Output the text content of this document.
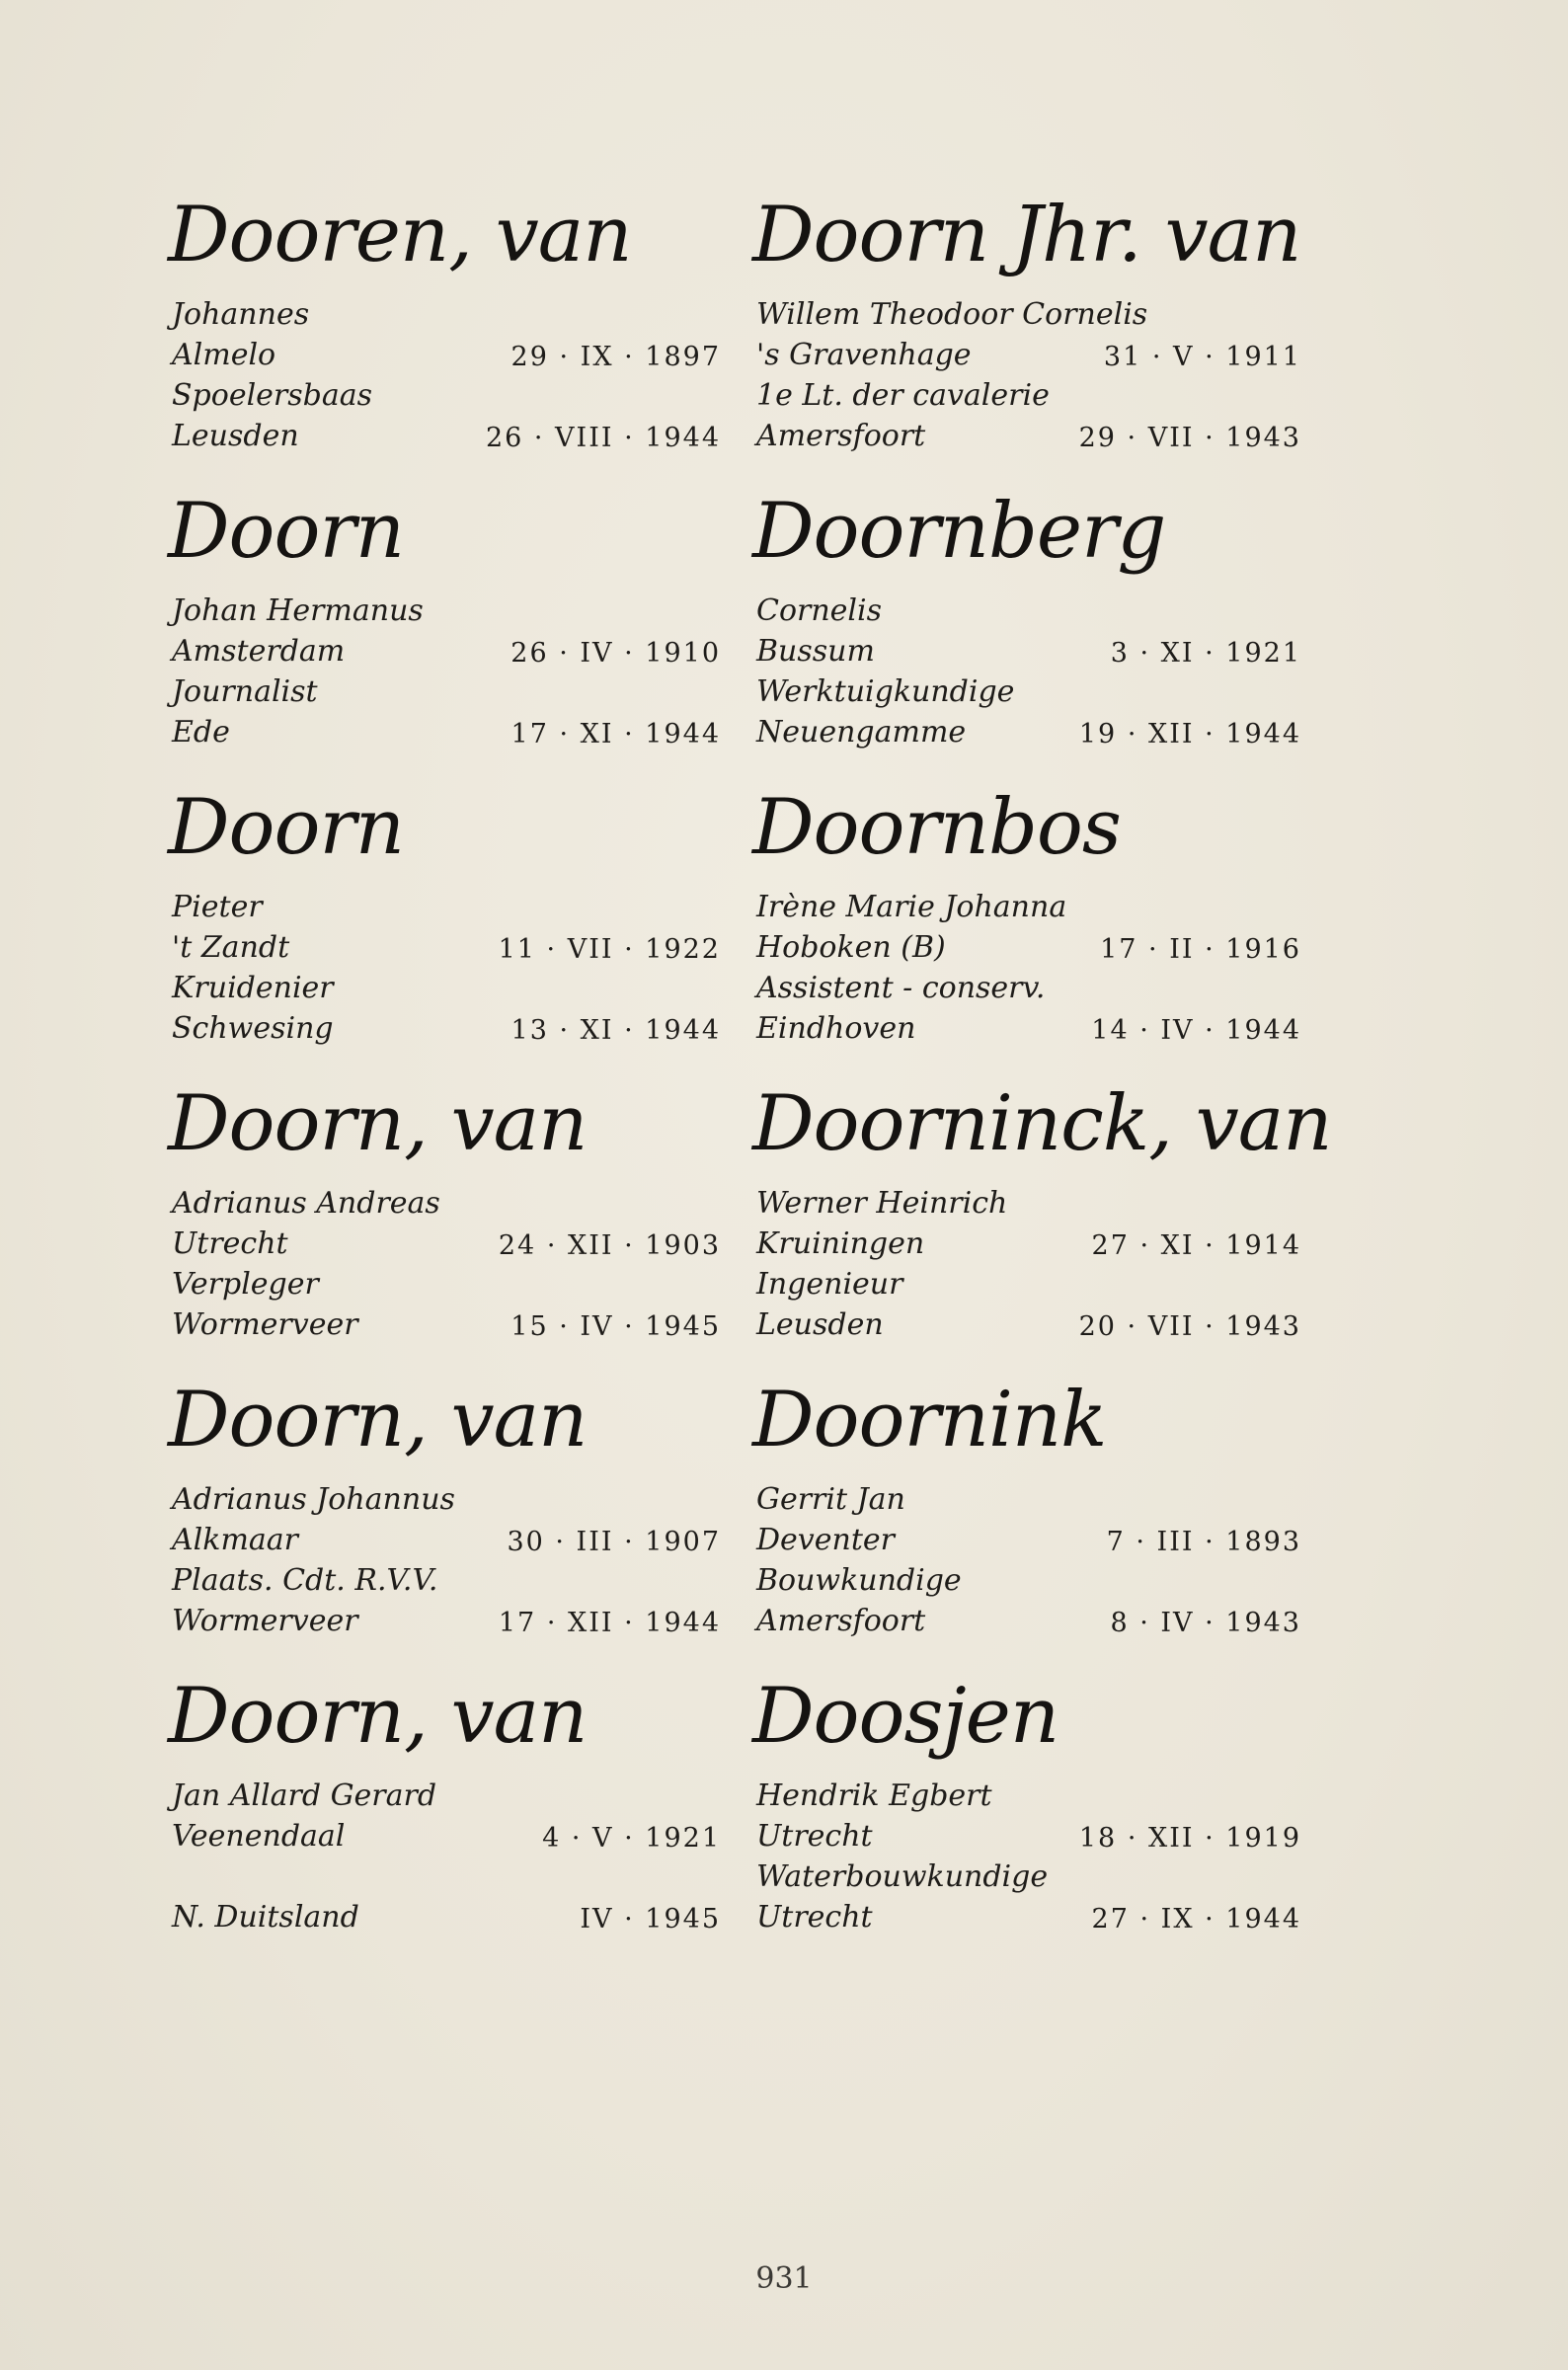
Dooren, van
Johannes
Almelo	29 · IX · 1897
Spoelersbaas
Leusden	26 · VIII · 1944
Doorn
Johan Hermanus
Amsterdam	26 · IV · 1910
Journalist
Ede	17 · XI · 1944
Doorn
Pieter
't Zandt	11 · VII · 1922
Kruidenier
Schwesing	13 · XI · 1944
Doorn, van
Adrianus Andreas
Utrecht	24 · XII · 1903
Verpleger
Wormerveer	15 · IV · 1945
Doorn, van
Adrianus Johannus
Alkmaar	30 · III · 1907
Plaats. Cdt. R.V.V.
Wormerveer	17 · XII · 1944
Doorn, van
Jan Allard Gerard
Veenendaal	4 · V · 1921
N. Duitsland	IV · 1945
Doorn Jhr. van
Willem Theodoor Cornelis
's Gravenhage	31 · V · 1911
1e Lt. der cavalerie
Amersfoort	29 · VII · 1943
Doornberg
Cornelis
Bussum	3 · XI · 1921
Werktuigkundige
Neuengamme	19 · XII · 1944
Doornbos
Irène Marie Johanna
Hoboken (B)	17 · II · 1916
Assistent - conserv.
Eindhoven	14 · IV · 1944
Doorninck, van
Werner Heinrich
Kruiningen	27 · XI · 1914
Ingenieur
Leusden	20 · VII · 1943
Doornink
Gerrit Jan
Deventer	7 · III · 1893
Bouwkundige
Amersfoort	8 · IV · 1943
Doosjen
Hendrik Egbert
Utrecht	18 · XII · 1919
Waterbouwkundige
Utrecht	27 · IX · 1944
931
